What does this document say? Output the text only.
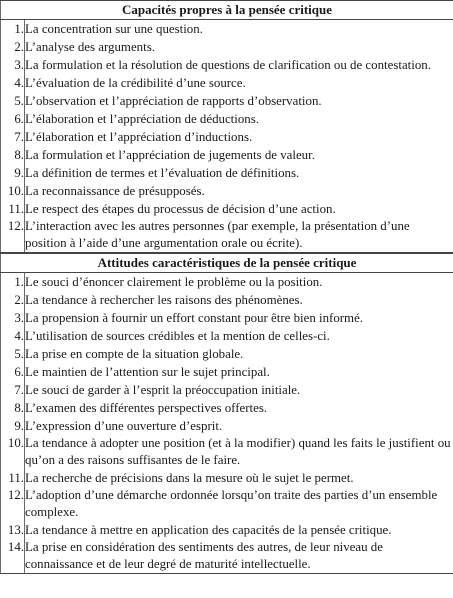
Capacités propres à la pensée critique	
1.	La concentration sur une question.
2.	L’analyse des arguments.
3.	La formulation et la résolution de questions de clarification ou de contestation.
4.	L’évaluation de la crédibilité d’une source.
5.	L’observation et l’appréciation de rapports d’observation.
6.	L’élaboration et l’appréciation de déductions.
7.	L’élaboration et l’appréciation d’inductions.
8.	La formulation et l’appréciation de jugements de valeur.
9.	La définition de termes et l’évaluation de définitions.
10.	La reconnaissance de présupposés.
11.	Le respect des étapes du processus de décision d’une action.
12.	L’interaction avec les autres personnes (par exemple, la présentation d’une position à l’aide d’une argumentation orale ou écrite).
Attitudes caractéristiques de la pensée critique	
1.	Le souci d’énoncer clairement le problème ou la position.
2.	La tendance à rechercher les raisons des phénomènes.
3.	La propension à fournir un effort constant pour être bien informé.
4.	L’utilisation de sources crédibles et la mention de celles-ci.
5.	La prise en compte de la situation globale.
6.	Le maintien de l’attention sur le sujet principal.
7.	Le souci de garder à l’esprit la préoccupation initiale.
8.	L’examen des différentes perspectives offertes.
9.	L’expression d’une ouverture d’esprit.
10.	La tendance à adopter une position (et à la modifier) quand les faits le justifient ou qu’on a des raisons suffisantes de le faire.
11.	La recherche de précisions dans la mesure où le sujet le permet.
12.	L’adoption d’une démarche ordonnée lorsqu’on traite des parties d’un ensemble complexe.
13.	La tendance à mettre en application des capacités de la pensée critique.
14.	La prise en considération des sentiments des autres, de leur niveau de connaissance et de leur degré de maturité intellectuelle.
